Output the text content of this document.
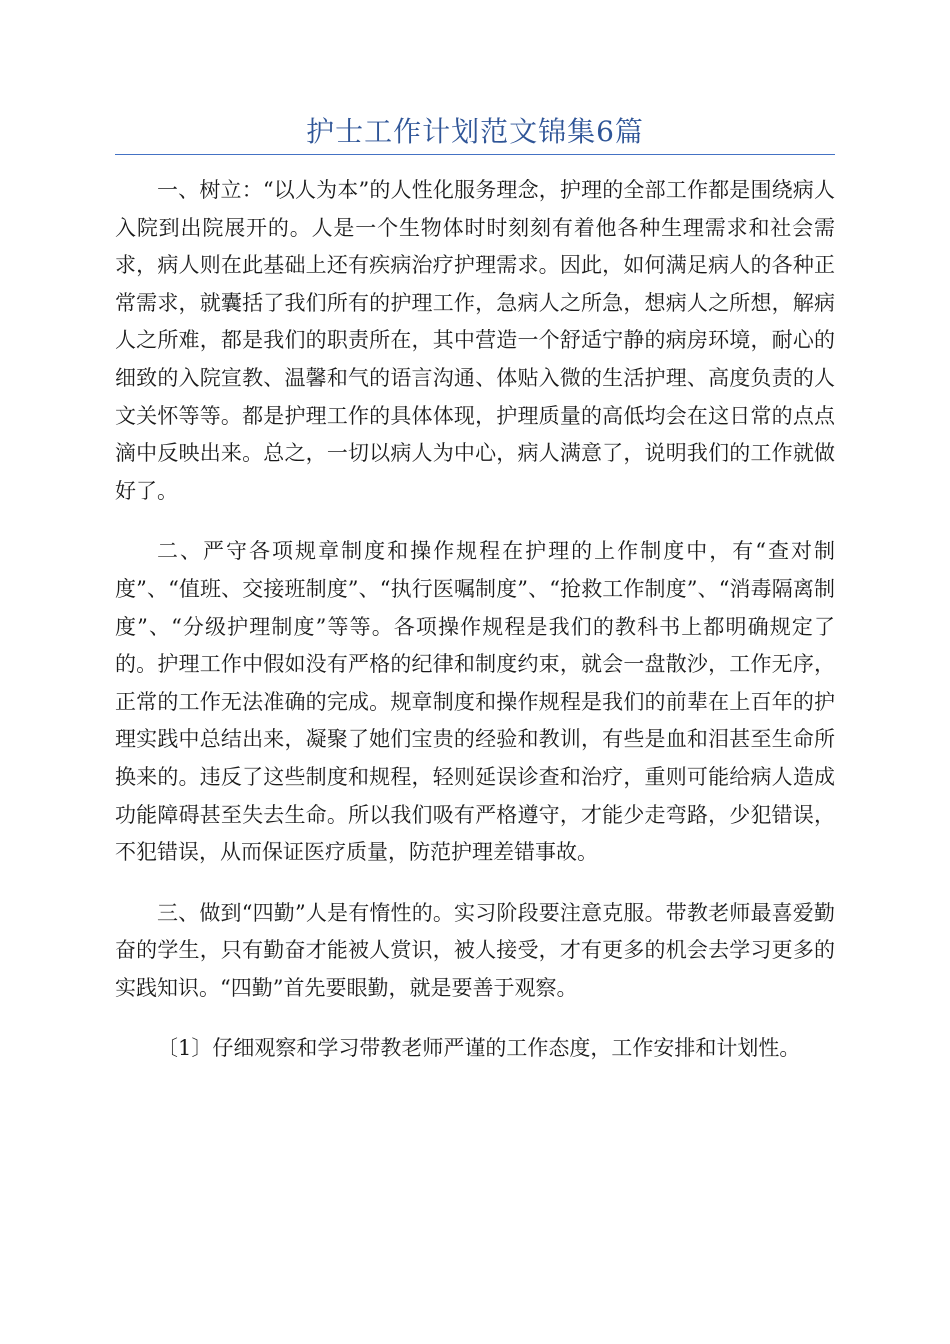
护士工作计划范文锦集6篇

一、树立：“以人为本”的人性化服务理念，护理的全部工作都是围绕病人入院到出院展开的。人是一个生物体时时刻刻有着他各种生理需求和社会需求，病人则在此基础上还有疾病治疗护理需求。因此，如何满足病人的各种正常需求，就囊括了我们所有的护理工作，急病人之所急，想病人之所想，解病人之所难，都是我们的职责所在，其中营造一个舒适宁静的病房环境，耐心的细致的入院宣教、温馨和气的语言沟通、体贴入微的生活护理、高度负责的人文关怀等等。都是护理工作的具体体现，护理质量的高低均会在这日常的点点滴中反映出来。总之，一切以病人为中心，病人满意了，说明我们的工作就做好了。

二、严守各项规章制度和操作规程在护理的上作制度中，有“查对制度”、“值班、交接班制度”、“执行医嘱制度”、“抢救工作制度”、“消毒隔离制度”、“分级护理制度”等等。各项操作规程是我们的教科书上都明确规定了的。护理工作中假如没有严格的纪律和制度约束，就会一盘散沙，工作无序，正常的工作无法准确的完成。规章制度和操作规程是我们的前辈在上百年的护理实践中总结出来，凝聚了她们宝贵的经验和教训，有些是血和泪甚至生命所换来的。违反了这些制度和规程，轻则延误诊查和治疗，重则可能给病人造成功能障碍甚至失去生命。所以我们吸有严格遵守，才能少走弯路，少犯错误，不犯错误，从而保证医疗质量，防范护理差错事故。

三、做到“四勤”人是有惰性的。实习阶段要注意克服。带教老师最喜爱勤奋的学生，只有勤奋才能被人赏识，被人接受，才有更多的机会去学习更多的实践知识。“四勤”首先要眼勤，就是要善于观察。

〔1〕仔细观察和学习带教老师严谨的工作态度，工作安排和计划性。
